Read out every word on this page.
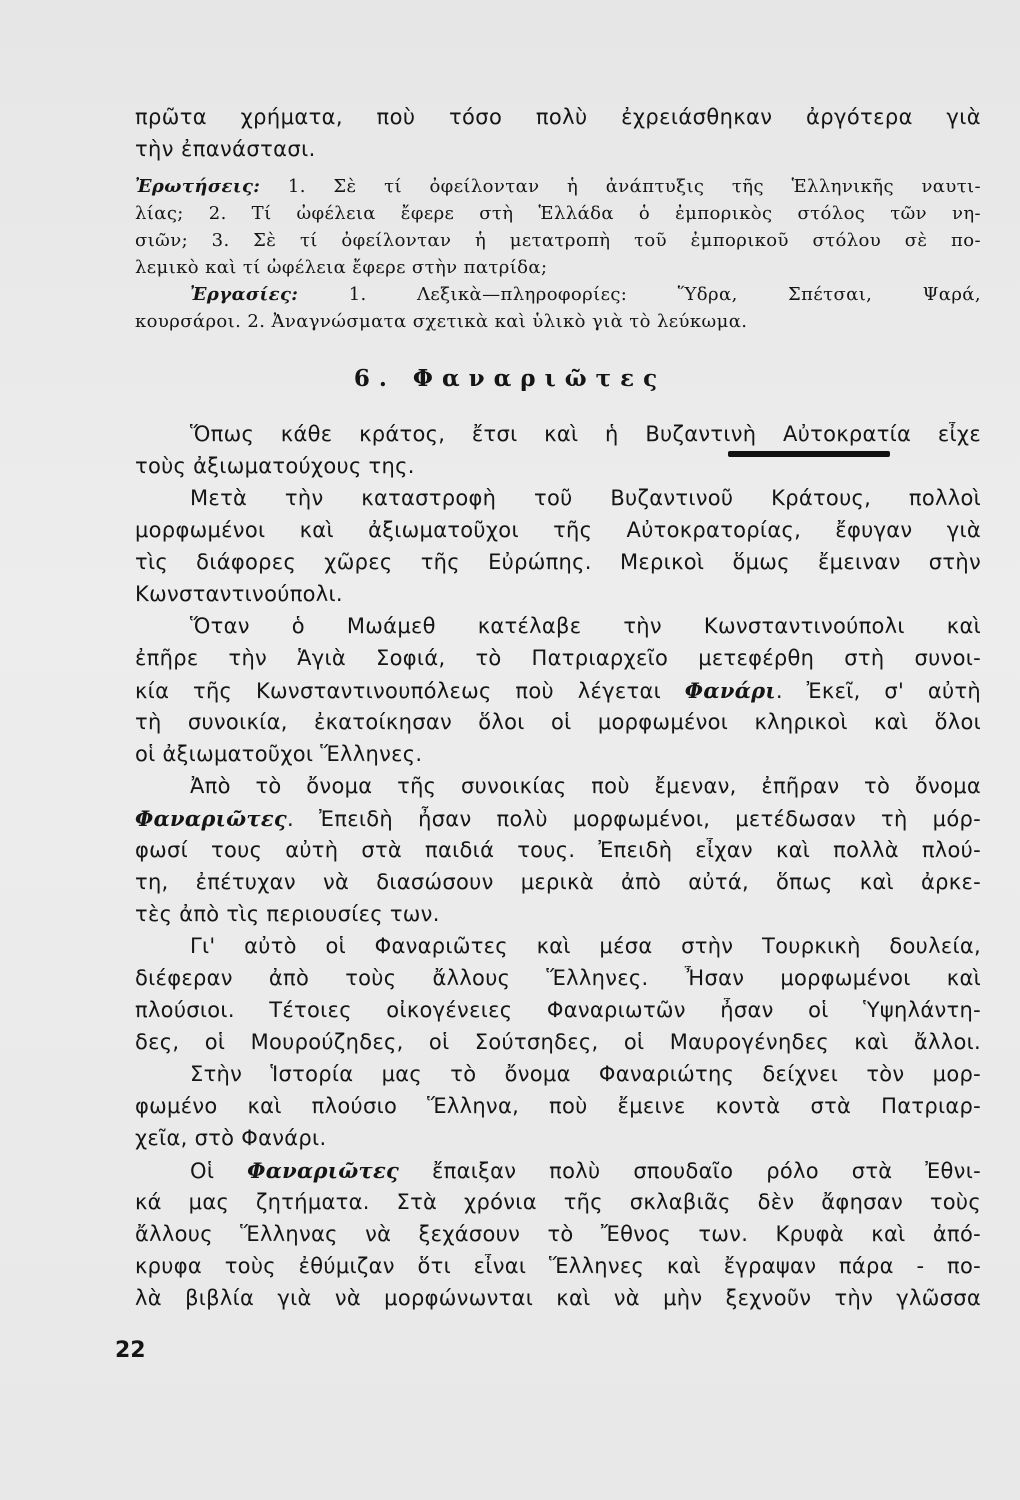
πρῶτα χρήματα, ποὺ τόσο πολὺ ἐχρειάσθηκαν ἀργότερα γιὰ
τὴν ἐπανάστασι.
Ἐρωτήσεις: 1. Σὲ τί ὀφείλονταν ἡ ἀνάπτυξις τῆς Ἑλληνικῆς ναυτι-
λίας; 2. Τί ὠφέλεια ἔφερε στὴ Ἑλλάδα ὁ ἐμπορικὸς στόλος τῶν νη-
σιῶν; 3. Σὲ τί ὀφείλονταν ἡ μετατροπὴ τοῦ ἐμπορικοῦ στόλου σὲ πο-
λεμικὸ καὶ τί ὠφέλεια ἔφερε στὴν πατρίδα;
Ἐργασίες:	1. Λεξικὰ—πληροφορίες: Ὕδρα, Σπέτσαι, Ψαρά,
κουρσάροι. 2. Ἀναγνώσματα σχετικὰ καὶ ὑλικὸ γιὰ τὸ λεύκωμα.
6. Φαναριῶτες
Ὅπως κάθε κράτος, ἔτσι καὶ ἡ Βυζαντινὴ Αὐτοκρατία εἶχε
τοὺς ἀξιωματούχους της.
Μετὰ τὴν καταστροφὴ τοῦ Βυζαντινοῦ Κράτους, πολλοὶ
μορφωμένοι καὶ ἀξιωματοῦχοι τῆς Αὐτοκρατορίας, ἔφυγαν γιὰ
τὶς διάφορες χῶρες τῆς Εὐρώπης. Μερικοὶ ὅμως ἔμειναν στὴν
Κωνσταντινούπολι.
Ὅταν ὁ Μωάμεθ κατέλαβε τὴν Κωνσταντινούπολι καὶ
ἐπῆρε τὴν Ἁγιὰ Σοφιά, τὸ Πατριαρχεῖο μετεφέρθη στὴ συνοι-
κία τῆς Κωνσταντινουπόλεως ποὺ λέγεται Φανάρι. Ἐκεῖ, σ' αὐτὴ
τὴ συνοικία, ἐκατοίκησαν ὅλοι οἱ μορφωμένοι κληρικοὶ καὶ ὅλοι
οἱ ἀξιωματοῦχοι Ἕλληνες.
Ἀπὸ τὸ ὄνομα τῆς συνοικίας ποὺ ἔμεναν, ἐπῆραν τὸ ὄνομα
Φαναριῶτες. Ἐπειδὴ ἦσαν πολὺ μορφωμένοι, μετέδωσαν τὴ μόρ-
φωσί τους αὐτὴ στὰ παιδιά τους. Ἐπειδὴ εἶχαν καὶ πολλὰ πλού-
τη, ἐπέτυχαν νὰ διασώσουν μερικὰ ἀπὸ αὐτά, ὅπως καὶ ἀρκε-
τὲς ἀπὸ τὶς περιουσίες των.
Γι' αὐτὸ οἱ Φαναριῶτες καὶ μέσα στὴν Τουρκικὴ δουλεία,
διέφεραν ἀπὸ τοὺς ἄλλους Ἕλληνες. Ἦσαν μορφωμένοι καὶ
πλούσιοι. Τέτοιες οἰκογένειες Φαναριωτῶν ἦσαν οἱ Ὑψηλάντη-
δες, οἱ Μουρούζηδες, οἱ Σούτσηδες, οἱ Μαυρογένηδες καὶ ἄλλοι.
Στὴν Ἱστορία μας τὸ ὄνομα Φαναριώτης δείχνει τὸν μορ-
φωμένο καὶ πλούσιο Ἕλληνα, ποὺ ἔμεινε κοντὰ στὰ Πατριαρ-
χεῖα, στὸ Φανάρι.
Οἱ Φαναριῶτες ἔπαιξαν πολὺ σπουδαῖο ρόλο στὰ Ἐθνι-
κά μας ζητήματα. Στὰ χρόνια τῆς σκλαβιᾶς δὲν ἄφησαν τοὺς
ἄλλους Ἕλληνας νὰ ξεχάσουν τὸ Ἔθνος των. Κρυφὰ καὶ ἀπό-
κρυφα τοὺς ἐθύμιζαν ὅτι εἶναι Ἕλληνες καὶ ἔγραψαν πάρα - πο-
λὰ βιβλία γιὰ νὰ μορφώνωνται καὶ νὰ μὴν ξεχνοῦν τὴν γλῶσσα
22
